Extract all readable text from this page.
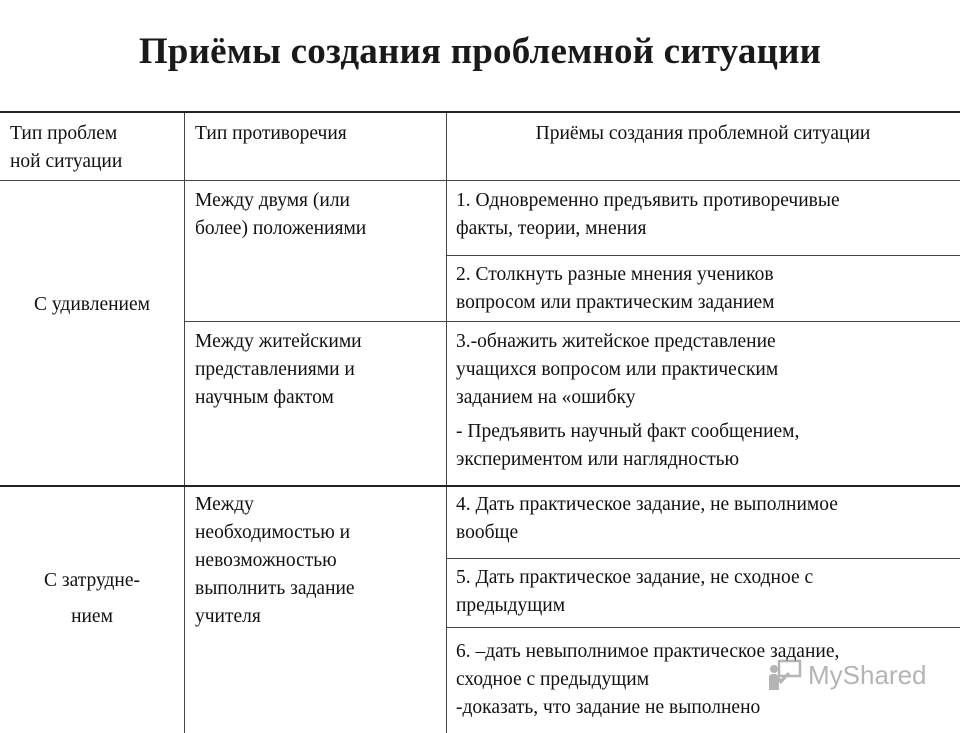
Приёмы создания проблемной ситуации
Тип проблем
ной ситуации
Тип противоречия	Приёмы создания проблемной ситуации
С удивлением
Между двумя (или
более) положениями
1. Одновременно предъявить противоречивые
факты, теории, мнения
2. Столкнуть разные мнения учеников
вопросом или практическим заданием
Между житейскими
представлениями и
научным фактом
3.-обнажить житейское представление
учащихся вопросом или практическим
заданием на «ошибку
- Предъявить научный факт сообщением,
экспериментом или наглядностью
С затрудне-
нием
Между
необходимостью и
невозможностью
выполнить задание
учителя
4. Дать практическое задание, не выполнимое
вообще
5. Дать практическое задание, не сходное с
предыдущим
6. –дать невыполнимое практическое задание,
сходное с предыдущим
-доказать, что задание не выполнено
MyShared
